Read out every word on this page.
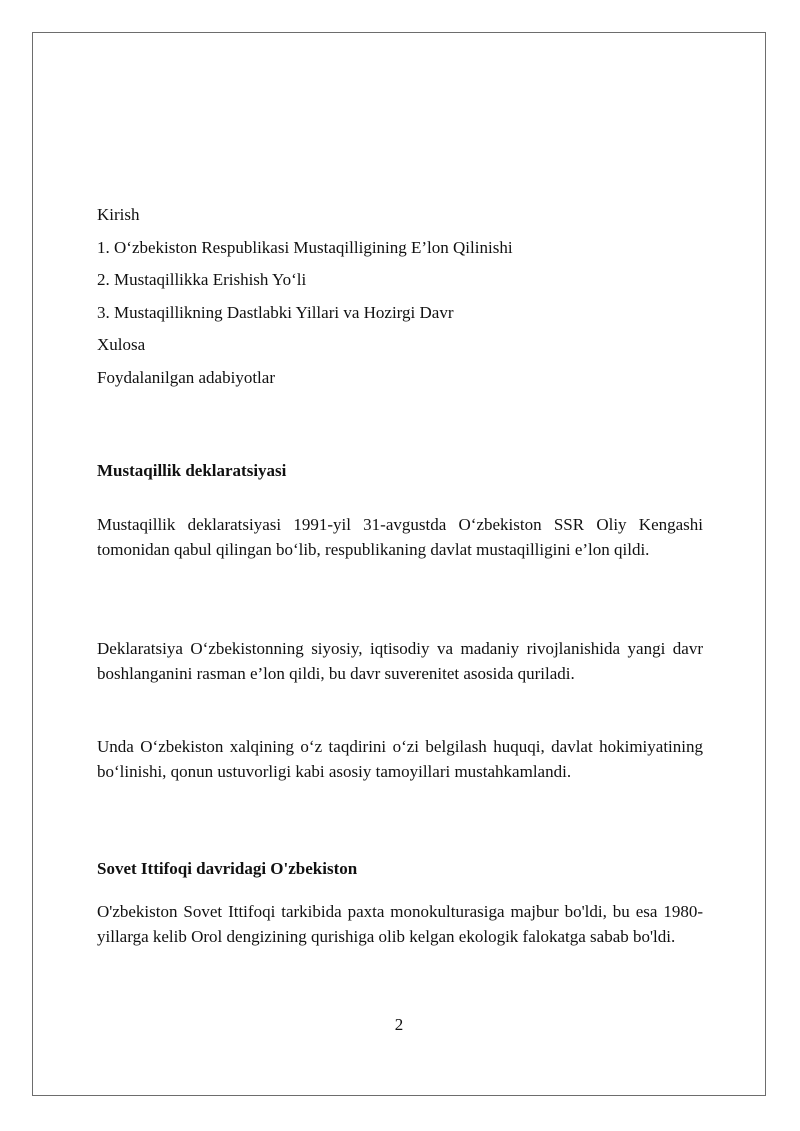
Kirish
1. O‘zbekiston Respublikasi Mustaqilligining E’lon Qilinishi
2. Mustaqillikka Erishish Yo‘li
3. Mustaqillikning Dastlabki Yillari va Hozirgi Davr
Xulosa
Foydalanilgan adabiyotlar
Mustaqillik deklaratsiyasi
Mustaqillik deklaratsiyasi 1991-yil 31-avgustda O‘zbekiston SSR Oliy Kengashi tomonidan qabul qilingan bo‘lib, respublikaning davlat mustaqilligini e’lon qildi.
Deklaratsiya O‘zbekistonning siyosiy, iqtisodiy va madaniy rivojlanishida yangi davr boshlanganini rasman e’lon qildi, bu davr suverenitet asosida quriladi.
Unda O‘zbekiston xalqining o‘z taqdirini o‘zi belgilash huquqi, davlat hokimiyatining bo‘linishi, qonun ustuvorligi kabi asosiy tamoyillari mustahkamlandi.
Sovet Ittifoqi davridagi O'zbekiston
O'zbekiston Sovet Ittifoqi tarkibida paxta monokulturasiga majbur bo'ldi, bu esa 1980-yillarga kelib Orol dengizining qurishiga olib kelgan ekologik falokatga sabab bo'ldi.
2
